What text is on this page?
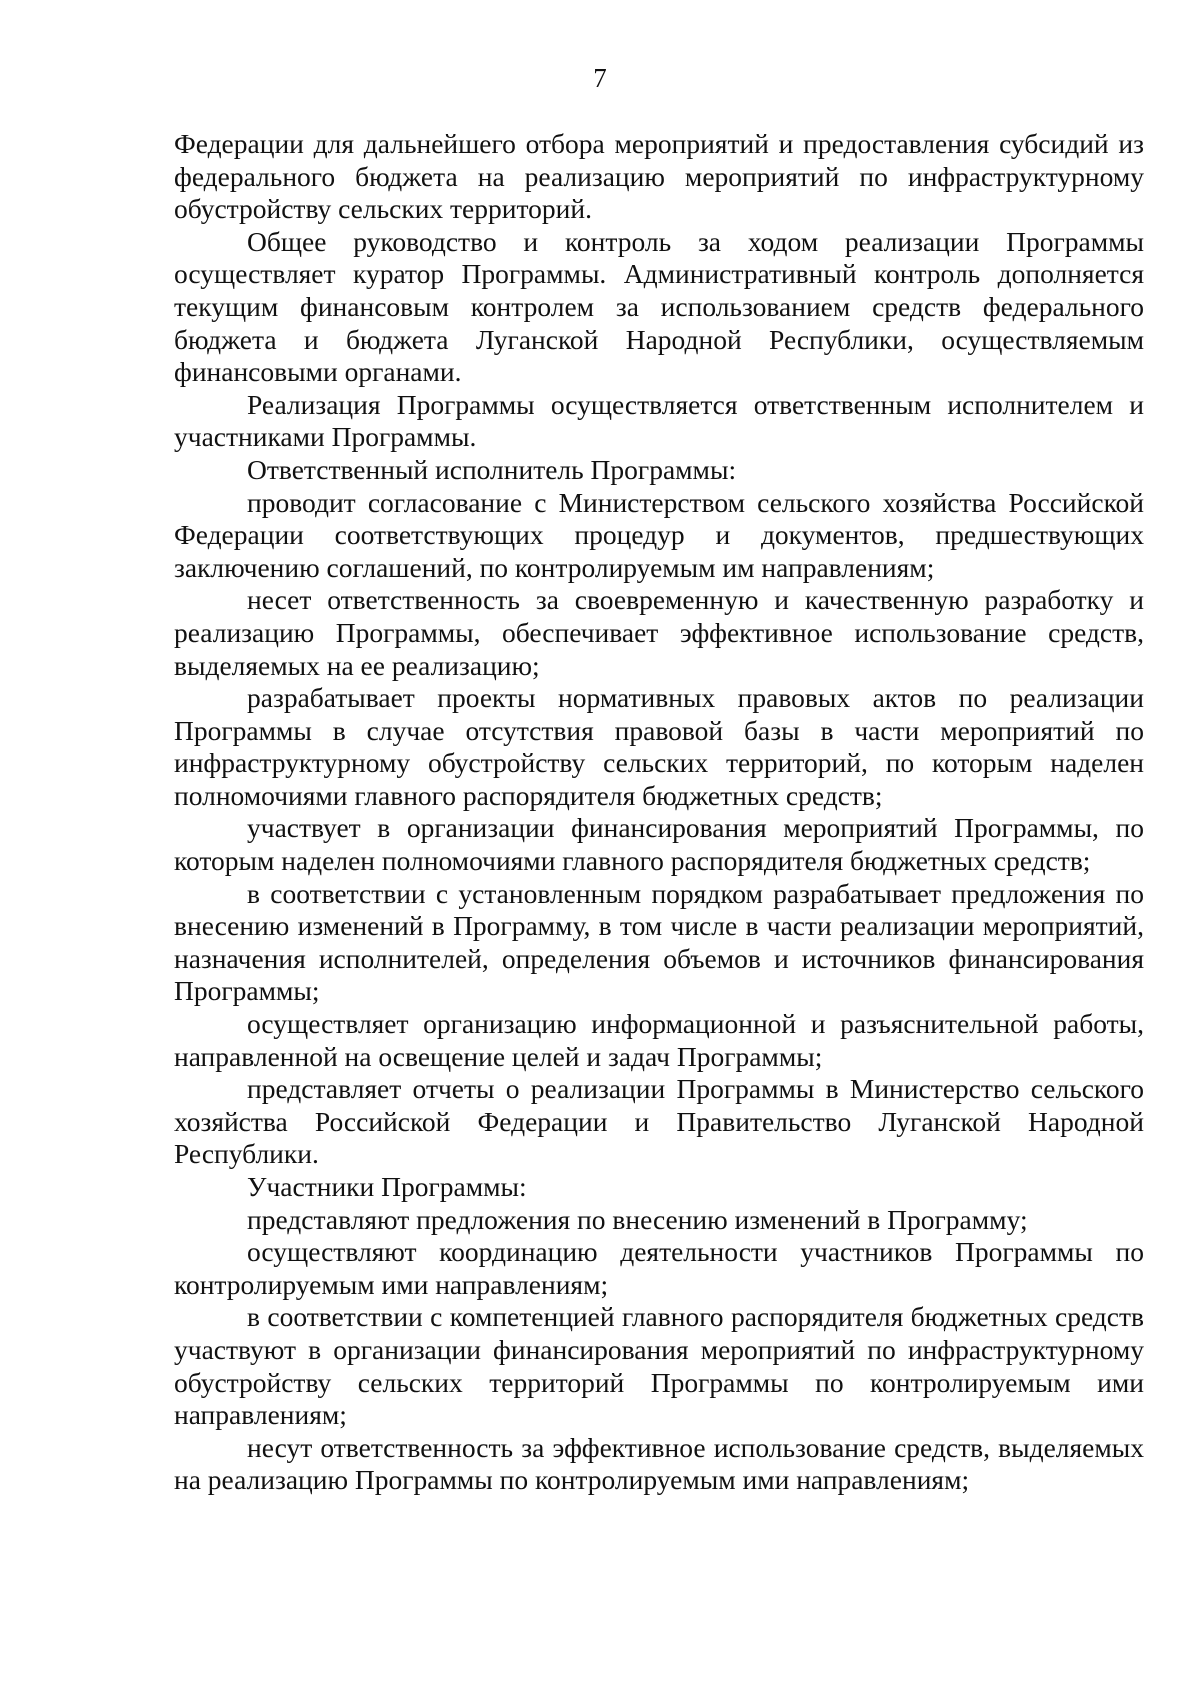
7

Федерации для дальнейшего отбора мероприятий и предоставления субсидий из федерального бюджета на реализацию мероприятий по инфраструктурному обустройству сельских территорий.

Общее руководство и контроль за ходом реализации Программы осуществляет куратор Программы. Административный контроль дополняется текущим финансовым контролем за использованием средств федерального бюджета и бюджета Луганской Народной Республики, осуществляемым финансовыми органами.

Реализация Программы осуществляется ответственным исполнителем и участниками Программы.

Ответственный исполнитель Программы:

проводит согласование с Министерством сельского хозяйства Российской Федерации соответствующих процедур и документов, предшествующих заключению соглашений, по контролируемым им направлениям;

несет ответственность за своевременную и качественную разработку и реализацию Программы, обеспечивает эффективное использование средств, выделяемых на ее реализацию;

разрабатывает проекты нормативных правовых актов по реализации Программы в случае отсутствия правовой базы в части мероприятий по инфраструктурному обустройству сельских территорий, по которым наделен полномочиями главного распорядителя бюджетных средств;

участвует в организации финансирования мероприятий Программы, по которым наделен полномочиями главного распорядителя бюджетных средств;

в соответствии с установленным порядком разрабатывает предложения по внесению изменений в Программу, в том числе в части реализации мероприятий, назначения исполнителей, определения объемов и источников финансирования Программы;

осуществляет организацию информационной и разъяснительной работы, направленной на освещение целей и задач Программы;

представляет отчеты о реализации Программы в Министерство сельского хозяйства Российской Федерации и Правительство Луганской Народной Республики.

Участники Программы:

представляют предложения по внесению изменений в Программу;

осуществляют координацию деятельности участников Программы по контролируемым ими направлениям;

в соответствии с компетенцией главного распорядителя бюджетных средств участвуют в организации финансирования мероприятий по инфраструктурному обустройству сельских территорий Программы по контролируемым ими направлениям;

несут ответственность за эффективное использование средств, выделяемых на реализацию Программы по контролируемым ими направлениям;
